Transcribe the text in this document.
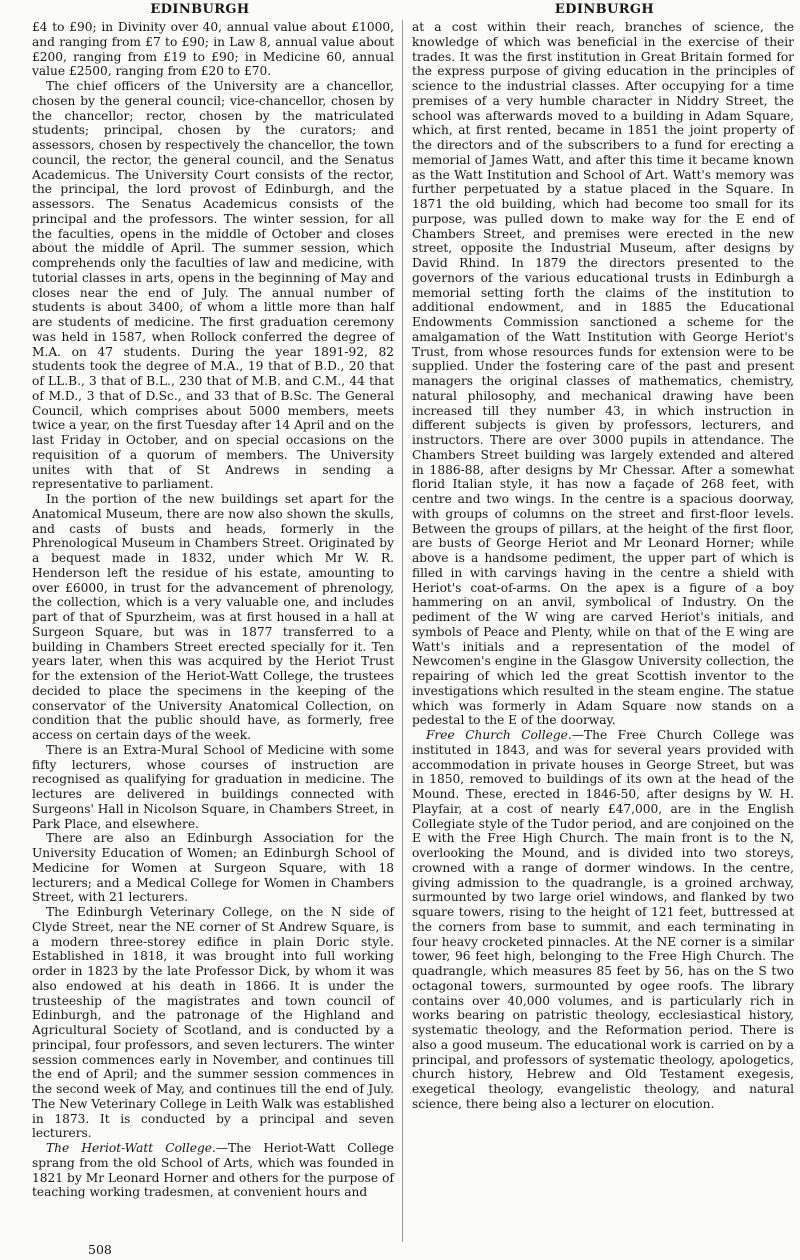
EDINBURGH	EDINBURGH

£4 to £90; in Divinity over 40, annual value about £1000, and ranging from £7 to £90; in Law 8, annual value about £200, ranging from £19 to £90; in Medicine 60, annual value £2500, ranging from £20 to £70.

The chief officers of the University are a chancellor, chosen by the general council; vice-chancellor, chosen by the chancellor; rector, chosen by the matriculated students; principal, chosen by the curators; and assessors, chosen by respectively the chancellor, the town council, the rector, the general council, and the Senatus Academicus. The University Court consists of the rector, the principal, the lord provost of Edinburgh, and the assessors. The Senatus Academicus consists of the principal and the professors. The winter session, for all the faculties, opens in the middle of October and closes about the middle of April. The summer session, which comprehends only the faculties of law and medicine, with tutorial classes in arts, opens in the beginning of May and closes near the end of July. The annual number of students is about 3400, of whom a little more than half are students of medicine. The first graduation ceremony was held in 1587, when Rollock conferred the degree of M.A. on 47 students. During the year 1891-92, 82 students took the degree of M.A., 19 that of B.D., 20 that of LL.B., 3 that of B.L., 230 that of M.B. and C.M., 44 that of M.D., 3 that of D.Sc., and 33 that of B.Sc. The General Council, which comprises about 5000 members, meets twice a year, on the first Tuesday after 14 April and on the last Friday in October, and on special occasions on the requisition of a quorum of members. The University unites with that of St Andrews in sending a representative to parliament.

In the portion of the new buildings set apart for the Anatomical Museum, there are now also shown the skulls, and casts of busts and heads, formerly in the Phrenological Museum in Chambers Street. Originated by a bequest made in 1832, under which Mr W. R. Henderson left the residue of his estate, amounting to over £6000, in trust for the advancement of phrenology, the collection, which is a very valuable one, and includes part of that of Spurzheim, was at first housed in a hall at Surgeon Square, but was in 1877 transferred to a building in Chambers Street erected specially for it. Ten years later, when this was acquired by the Heriot Trust for the extension of the Heriot-Watt College, the trustees decided to place the specimens in the keeping of the conservator of the University Anatomical Collection, on condition that the public should have, as formerly, free access on certain days of the week.

There is an Extra-Mural School of Medicine with some fifty lecturers, whose courses of instruction are recognised as qualifying for graduation in medicine. The lectures are delivered in buildings connected with Surgeons' Hall in Nicolson Square, in Chambers Street, in Park Place, and elsewhere.

There are also an Edinburgh Association for the University Education of Women; an Edinburgh School of Medicine for Women at Surgeon Square, with 18 lecturers; and a Medical College for Women in Chambers Street, with 21 lecturers.

The Edinburgh Veterinary College, on the N side of Clyde Street, near the NE corner of St Andrew Square, is a modern three-storey edifice in plain Doric style. Established in 1818, it was brought into full working order in 1823 by the late Professor Dick, by whom it was also endowed at his death in 1866. It is under the trusteeship of the magistrates and town council of Edinburgh, and the patronage of the Highland and Agricultural Society of Scotland, and is conducted by a principal, four professors, and seven lecturers. The winter session commences early in November, and continues till the end of April; and the summer session commences in the second week of May, and continues till the end of July. The New Veterinary College in Leith Walk was established in 1873. It is conducted by a principal and seven lecturers.

The Heriot-Watt College.—The Heriot-Watt College sprang from the old School of Arts, which was founded in 1821 by Mr Leonard Horner and others for the purpose of teaching working tradesmen, at convenient hours and

at a cost within their reach, branches of science, the knowledge of which was beneficial in the exercise of their trades. It was the first institution in Great Britain formed for the express purpose of giving education in the principles of science to the industrial classes. After occupying for a time premises of a very humble character in Niddry Street, the school was afterwards moved to a building in Adam Square, which, at first rented, became in 1851 the joint property of the directors and of the subscribers to a fund for erecting a memorial of James Watt, and after this time it became known as the Watt Institution and School of Art. Watt's memory was further perpetuated by a statue placed in the Square. In 1871 the old building, which had become too small for its purpose, was pulled down to make way for the E end of Chambers Street, and premises were erected in the new street, opposite the Industrial Museum, after designs by David Rhind. In 1879 the directors presented to the governors of the various educational trusts in Edinburgh a memorial setting forth the claims of the institution to additional endowment, and in 1885 the Educational Endowments Commission sanctioned a scheme for the amalgamation of the Watt Institution with George Heriot's Trust, from whose resources funds for extension were to be supplied. Under the fostering care of the past and present managers the original classes of mathematics, chemistry, natural philosophy, and mechanical drawing have been increased till they number 43, in which instruction in different subjects is given by professors, lecturers, and instructors. There are over 3000 pupils in attendance. The Chambers Street building was largely extended and altered in 1886-88, after designs by Mr Chessar. After a somewhat florid Italian style, it has now a façade of 268 feet, with centre and two wings. In the centre is a spacious doorway, with groups of columns on the street and first-floor levels. Between the groups of pillars, at the height of the first floor, are busts of George Heriot and Mr Leonard Horner; while above is a handsome pediment, the upper part of which is filled in with carvings having in the centre a shield with Heriot's coat-of-arms. On the apex is a figure of a boy hammering on an anvil, symbolical of Industry. On the pediment of the W wing are carved Heriot's initials, and symbols of Peace and Plenty, while on that of the E wing are Watt's initials and a representation of the model of Newcomen's engine in the Glasgow University collection, the repairing of which led the great Scottish inventor to the investigations which resulted in the steam engine. The statue which was formerly in Adam Square now stands on a pedestal to the E of the doorway.

Free Church College.—The Free Church College was instituted in 1843, and was for several years provided with accommodation in private houses in George Street, but was in 1850, removed to buildings of its own at the head of the Mound. These, erected in 1846-50, after designs by W. H. Playfair, at a cost of nearly £47,000, are in the English Collegiate style of the Tudor period, and are conjoined on the E with the Free High Church. The main front is to the N, overlooking the Mound, and is divided into two storeys, crowned with a range of dormer windows. In the centre, giving admission to the quadrangle, is a groined archway, surmounted by two large oriel windows, and flanked by two square towers, rising to the height of 121 feet, buttressed at the corners from base to summit, and each terminating in four heavy crocketed pinnacles. At the NE corner is a similar tower, 96 feet high, belonging to the Free High Church. The quadrangle, which measures 85 feet by 56, has on the S two octagonal towers, surmounted by ogee roofs. The library contains over 40,000 volumes, and is particularly rich in works bearing on patristic theology, ecclesiastical history, systematic theology, and the Reformation period. There is also a good museum. The educational work is carried on by a principal, and professors of systematic theology, apologetics, church history, Hebrew and Old Testament exegesis, exegetical theology, evangelistic theology, and natural science, there being also a lecturer on elocution.

508
